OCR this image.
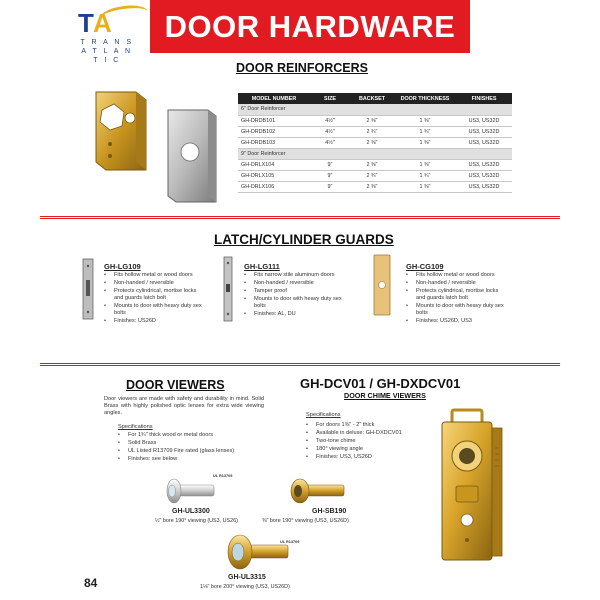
TA
T R A N S
A T L A N T I C
DOOR HARDWARE
DOOR REINFORCERS
MODEL NUMBER	SIZE	BACKSET	DOOR THICKNESS	FINISHES
6" Door Reinforcer				
GH-DRDB101	4½"	2 ⅜"	1 ⅜"	US3, US32D
GH-DRDB102	4½"	2 ¾"	1 ¾"	US3, US32D
GH-DRDB103	4½"	2 ⅜"	1 ⅜"	US3, US32D
9" Door Reinforcer				
GH-DRLX104	9"	2 ⅜"	1 ⅜"	US3, US32D
GH-DRLX105	9"	2 ¾"	1 ¾"	US3, US32D
GH-DRLX106	9"	2 ⅜"	1 ⅜"	US3, US32D
LATCH/CYLINDER GUARDS
GH-LG109
• Fits hollow metal or wood doors
• Non-handed / reversible
• Protects cylindrical, mortise locks and guards latch bolt
• Mounts to door with heavy duty sex bolts
• Finishes: US26D
GH-LG111
• Fits narrow stile aluminum doors
• Non-handed / reversible
• Tamper proof
• Mounts to door with heavy duty sex bolts
• Finishes: AL, DU
GH-CG109
• Fits hollow metal or wood doors
• Non-handed / reversible
• Protects cylindrical, mortise locks and guards latch bolt
• Mounts to door with heavy duty sex bolts
• Finishes: US26D, US3
DOOR VIEWERS
Door viewers are made with safety and durability in mind. Solid Brass with highly polished optic lenses for extra wide viewing angles.
Specifications
• For 1¾" thick wood or metal doors
• Solid Brass
• UL Listed R13709 Fire rated (glass lenses)
• Finishes: see below
UL R13709
GH-UL3300
½" bore 190° viewing (US3, US26)
GH-SB190
⅜" bore 190° viewing (US3, US26D)
UL R13709
GH-UL3315
1⅛" bore 200° viewing (US3, US26D)
GH-DCV01 / GH-DXDCV01
DOOR CHIME VIEWERS
Specifications
• For doors 1⅜" - 2" thick
• Available in deluxe: GH-DXDCV01
• Two-tone chime
• 180° viewing angle
• Finishes: US3, US26D
84
